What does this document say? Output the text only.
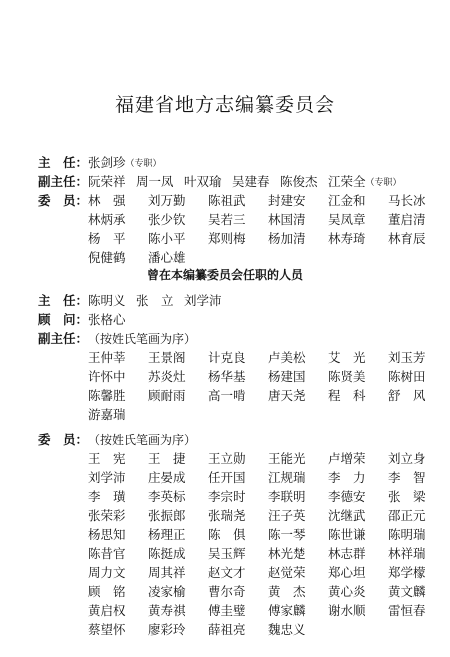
福建省地方志编纂委员会
主　任： 张剑珍（专职）
副主任： 阮荣祥 周一凤 叶双瑜 吴建春 陈俊杰 江荣全（专职）
委　员： 林　强 刘万勤 陈祖武 封建安 江金和 马长冰
林炳承 张少钦 吴若三 林国清 吴凤章 董启清
杨　平 陈小平 郑则梅 杨加清 林寿琦 林育辰
倪健鹤 潘心雄
曾在本编纂委员会任职的人员
主　任： 陈明义 张　立 刘学沛
顾　问： 张格心
副主任： （按姓氏笔画为序）
王仲莘 王景阁 计克良 卢美松 艾　光 刘玉芳
许怀中 苏炎灶 杨华基 杨建国 陈贤美 陈树田
陈馨胜 顾耐雨 高一啃 唐天尧 程　科 舒　风
游嘉瑞
委　员： （按姓氏笔画为序）
王　宪 王　捷 王立勋 王能光 卢增荣 刘立身
刘学沛 庄晏成 任开国 江规瑞 李　力 李　智
李　璜 李英标 李宗时 李联明 李德安 张　梁
张荣彩 张振郎 张瑞尧 汪子英 沈继武 邵正元
杨思知 杨理正 陈　俱 陈一琴 陈世谦 陈明瑞
陈昔官 陈挺成 吴玉辉 林光楚 林志群 林祥瑞
周力文 周其祥 赵文才 赵觉荣 郑心坦 郑学檬
顾　铭 凌家榆 曹尔奇 黄　杰 黄心炎 黄文麟
黄启权 黄寿祺 傅圭璧 傅家麟 谢水顺 雷恒春
蔡望怀 廖彩玲 薛祖亮 魏忠义
